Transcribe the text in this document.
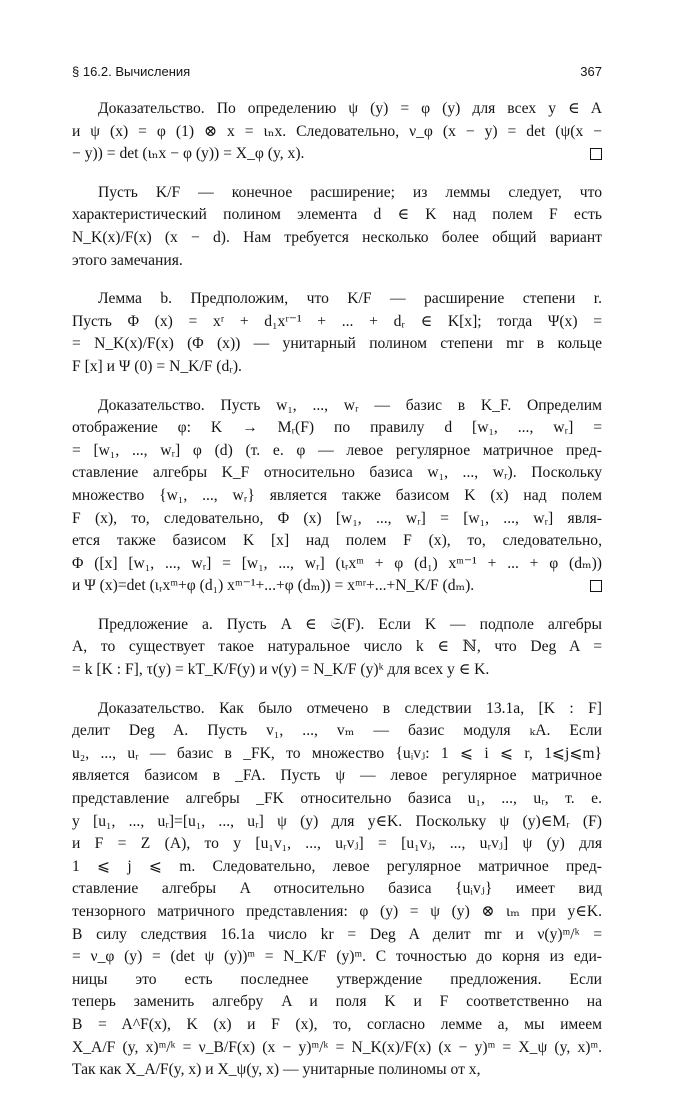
§ 16.2. Вычисления	367
Доказательство. По определению ψ (y) = φ (y) для всех y ∈ A
и ψ (x) = φ (1) ⊗ x = ιₙx. Следовательно, ν_φ (x − y) = det (ψ(x −
− y)) = det (ιₙx − φ (y)) = X_φ (y, x).
Пусть K/F — конечное расширение; из леммы следует, что
характеристический полином элемента d ∈ K над полем F есть
N_K(x)/F(x) (x − d). Нам требуется несколько более общий вариант
этого замечания.
Лемма b. Предположим, что K/F — расширение степени r.
Пусть Φ (x) = xʳ + d₁xʳ⁻¹ + ... + dᵣ ∈ K[x]; тогда Ψ(x) =
= N_K(x)/F(x) (Φ (x)) — унитарный полином степени mr в кольце
F [x] и Ψ (0) = N_K/F (dᵣ).
Доказательство. Пусть w₁, ..., wᵣ — базис в K_F. Определим
отображение φ: K → Mᵣ(F) по правилу d [w₁, ..., wᵣ] =
= [w₁, ..., wᵣ] φ (d) (т. е. φ — левое регулярное матричное пред-
ставление алгебры K_F относительно базиса w₁, ..., wᵣ). Поскольку
множество {w₁, ..., wᵣ} является также базисом K (x) над полем
F (x), то, следовательно, Φ (x) [w₁, ..., wᵣ] = [w₁, ..., wᵣ] явля-
ется также базисом K [x] над полем F (x), то, следовательно,
Φ ([x] [w₁, ..., wᵣ] = [w₁, ..., wᵣ] (ιᵣxᵐ + φ (d₁) xᵐ⁻¹ + ... + φ (dₘ))
и Ψ (x)=det (ιᵣxᵐ+φ (d₁) xᵐ⁻¹+...+φ (dₘ)) = xᵐʳ+...+N_K/F (dₘ).
Предложение a. Пусть A ∈ 𝔖(F). Если K — подполе алгебры
A, то существует такое натуральное число k ∈ ℕ, что Deg A =
= k [K : F], τ(y) = kT_K/F(y) и ν(y) = N_K/F (y)ᵏ для всех y ∈ K.
Доказательство. Как было отмечено в следствии 13.1a, [K : F]
делит Deg A. Пусть v₁, ..., vₘ — базис модуля ₖA. Если
u₂, ..., uᵣ — базис в _FK, то множество {uᵢvⱼ: 1 ⩽ i ⩽ r, 1⩽j⩽m}
является базисом в _FA. Пусть ψ — левое регулярное матричное
представление алгебры _FK относительно базиса u₁, ..., uᵣ, т. е.
y [u₁, ..., uᵣ]=[u₁, ..., uᵣ] ψ (y) для y∈K. Поскольку ψ (y)∈Mᵣ (F)
и F = Z (A), то y [u₁v₁, ..., uᵣvⱼ] = [u₁vⱼ, ..., uᵣvⱼ] ψ (y) для
1 ⩽ j ⩽ m. Следовательно, левое регулярное матричное пред-
ставление алгебры A относительно базиса {uᵢvⱼ} имеет вид
тензорного матричного представления: φ (y) = ψ (y) ⊗ ιₘ при y∈K.
В силу следствия 16.1a число kr = Deg A делит mr и ν(y)ᵐ/ᵏ =
= ν_φ (y) = (det ψ (y))ᵐ = N_K/F (y)ᵐ. С точностью до корня из еди-
ницы это есть последнее утверждение предложения. Если
теперь заменить алгебру A и поля K и F соответственно на
B = A^F(x), K (x) и F (x), то, согласно лемме a, мы имеем
X_A/F (y, x)ᵐ/ᵏ = ν_B/F(x) (x − y)ᵐ/ᵏ = N_K(x)/F(x) (x − y)ᵐ = X_ψ (y, x)ᵐ.
Так как X_A/F(y, x) и X_ψ(y, x) — унитарные полиномы от x,
